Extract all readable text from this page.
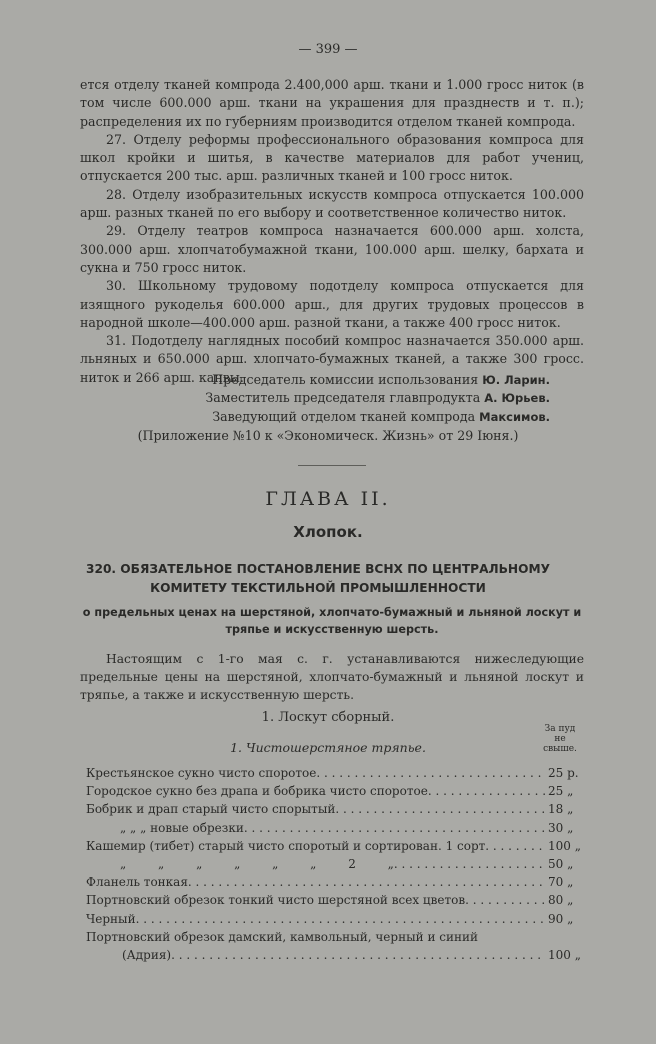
— 399 —

ется отделу тканей компрода 2.400,000 арш. ткани и 1.000 гросс ниток (в том числе 600.000 арш. ткани на украшения для празднеств и т. п.); распределения их по губерниям производится отделом тканей компрода.

27. Отделу реформы профессионального образования компроса для школ кройки и шитья, в качестве материалов для работ учениц, отпускается 200 тыс. арш. различных тканей и 100 гросс ниток.

28. Отделу изобразительных искусств компроса отпускается 100.000 арш. разных тканей по его выбору и соответственное количество ниток.

29. Отделу театров компроса назначается 600.000 арш. холста, 300.000 арш. хлопчатобумажной ткани, 100.000 арш. шелку, бархата и сукна и 750 гросс ниток.

30. Школьному трудовому подотделу компроса отпускается для изящного рукоделья 600.000 арш., для других трудовых процессов в народной школе—400.000 арш. разной ткани, а также 400 гросс ниток.

31. Подотделу наглядных пособий компрос назначается 350.000 арш. льняных и 650.000 арш. хлопчато-бумажных тканей, а также 300 гросс. ниток и 266 арш. канвы.

Председатель комиссии использования Ю. Ларин.
Заместитель председателя главпродукта А. Юрьев.
Заведующий отделом тканей компрода Максимов.
(Приложение №10 к «Экономическ. Жизнь» от 29 Іюня.)
ГЛАВА II.
Хлопок.
320. ОБЯЗАТЕЛЬНОЕ ПОСТАНОВЛЕНИЕ ВСНХ ПО ЦЕНТРАЛЬНОМУ КОМИТЕТУ ТЕКСТИЛЬНОЙ ПРОМЫШЛЕННОСТИ
о предельных ценах на шерстяной, хлопчато-бумажный и льняной лоскут и тряпье и искусственную шерсть.
Настоящим с 1-го мая с. г. устанавливаются нижеследующие предельные цены на шерстяной, хлопчато-бумажный и льняной лоскут и тряпье, а также и искусственную шерсть.
1. Лоскут сборный.
За пуд не свыше.
1. Чистошерстяное тряпье.
Крестьянское сукно чисто споротое . . .	25 р.
Городское сукно без драпа и бобрика чисто споротое . . .	25 „
Бобрик и драп старый чисто спорытый . . .	18 „
„ „ „ новые обрезки . . .	30 „
Кашемир (тибет) старый чисто споротый и сортирован. 1 сорт . . .	100 „
„ „ „ „ „ „ 2 „ . . .	50 „
Фланель тонкая . . .	70 „
Портновский обрезок тонкий чисто шерстяной всех цветов . . .	80 „
Черный . . .	90 „
Портновский обрезок дамский, камвольный, черный и синий
(Адрия) . . .	100 „
